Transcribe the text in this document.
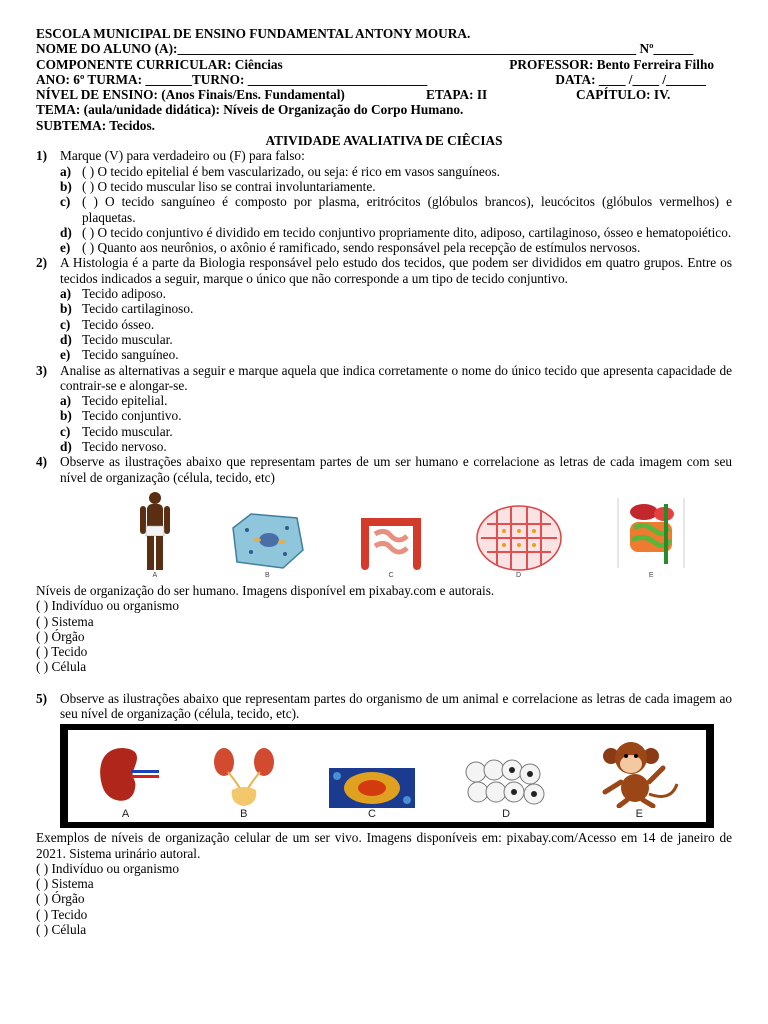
ESCOLA MUNICIPAL DE ENSINO FUNDAMENTAL ANTONY MOURA.
NOME DO ALUNO (A):_____________________________________________________________________ Nº______
COMPONENTE CURRICULAR: Ciências	PROFESSOR: Bento Ferreira Filho
ANO: 6º TURMA: _______TURNO: ___________________________	DATA: ____ /____ /______
NÍVEL DE ENSINO: (Anos Finais/Ens. Fundamental)	ETAPA: II	CAPÍTULO: IV.
TEMA: (aula/unidade didática): Níveis de Organização do Corpo Humano.
SUBTEMA: Tecidos.
ATIVIDADE AVALIATIVA DE CIÊCIAS
1) Marque (V) para verdadeiro ou (F) para falso:
a) ( ) O tecido epitelial é bem vascularizado, ou seja: é rico em vasos sanguíneos.
b) ( ) O tecido muscular liso se contrai involuntariamente.
c) ( ) O tecido sanguíneo é composto por plasma, eritrócitos (glóbulos brancos), leucócitos (glóbulos vermelhos) e plaquetas.
d) ( ) O tecido conjuntivo é dividido em tecido conjuntivo propriamente dito, adiposo, cartilaginoso, ósseo e hematopoiético.
e) ( ) Quanto aos neurônios, o axônio é ramificado, sendo responsável pela recepção de estímulos nervosos.
2) A Histologia é a parte da Biologia responsável pelo estudo dos tecidos, que podem ser divididos em quatro grupos. Entre os tecidos indicados a seguir, marque o único que não corresponde a um tipo de tecido conjuntivo.
a) Tecido adiposo.
b) Tecido cartilaginoso.
c) Tecido ósseo.
d) Tecido muscular.
e) Tecido sanguíneo.
3) Analise as alternativas a seguir e marque aquela que indica corretamente o nome do único tecido que apresenta capacidade de contrair-se e alongar-se.
a) Tecido epitelial.
b) Tecido conjuntivo.
c) Tecido muscular.
d) Tecido nervoso.
4) Observe as ilustrações abaixo que representam partes de um ser humano e correlacione as letras de cada imagem com seu nível de organização (célula, tecido, etc)
A	B	C	D	E
Níveis de organização do ser humano. Imagens disponível em pixabay.com e autorais.
( ) Indivíduo ou organismo
( ) Sistema
( ) Órgão
( ) Tecido
( ) Célula
5) Observe as ilustrações abaixo que representam partes do organismo de um animal e correlacione as letras de cada imagem ao seu nível de organização (célula, tecido, etc).
A	B	C	D	E
Exemplos de níveis de organização celular de um ser vivo. Imagens disponíveis em: pixabay.com/Acesso em 14 de janeiro de 2021. Sistema urinário autoral.
( ) Indivíduo ou organismo
( ) Sistema
( ) Órgão
( ) Tecido
( ) Célula
